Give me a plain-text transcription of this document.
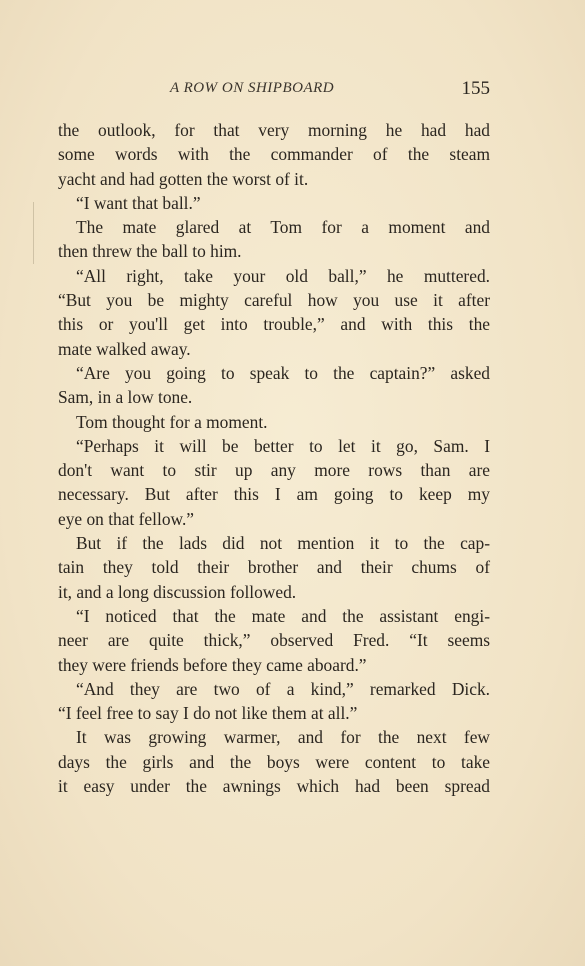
A ROW ON SHIPBOARD	155
the outlook, for that very morning he had had
some words with the commander of the steam
yacht and had gotten the worst of it.
“I want that ball.”
The mate glared at Tom for a moment and
then threw the ball to him.
“All right, take your old ball,” he muttered.
“But you be mighty careful how you use it after
this or you'll get into trouble,” and with this the
mate walked away.
“Are you going to speak to the captain?” asked
Sam, in a low tone.
Tom thought for a moment.
“Perhaps it will be better to let it go, Sam. I
don't want to stir up any more rows than are
necessary. But after this I am going to keep my
eye on that fellow.”
But if the lads did not mention it to the cap-
tain they told their brother and their chums of
it, and a long discussion followed.
“I noticed that the mate and the assistant engi-
neer are quite thick,” observed Fred. “It seems
they were friends before they came aboard.”
“And they are two of a kind,” remarked Dick.
“I feel free to say I do not like them at all.”
It was growing warmer, and for the next few
days the girls and the boys were content to take
it easy under the awnings which had been spread
